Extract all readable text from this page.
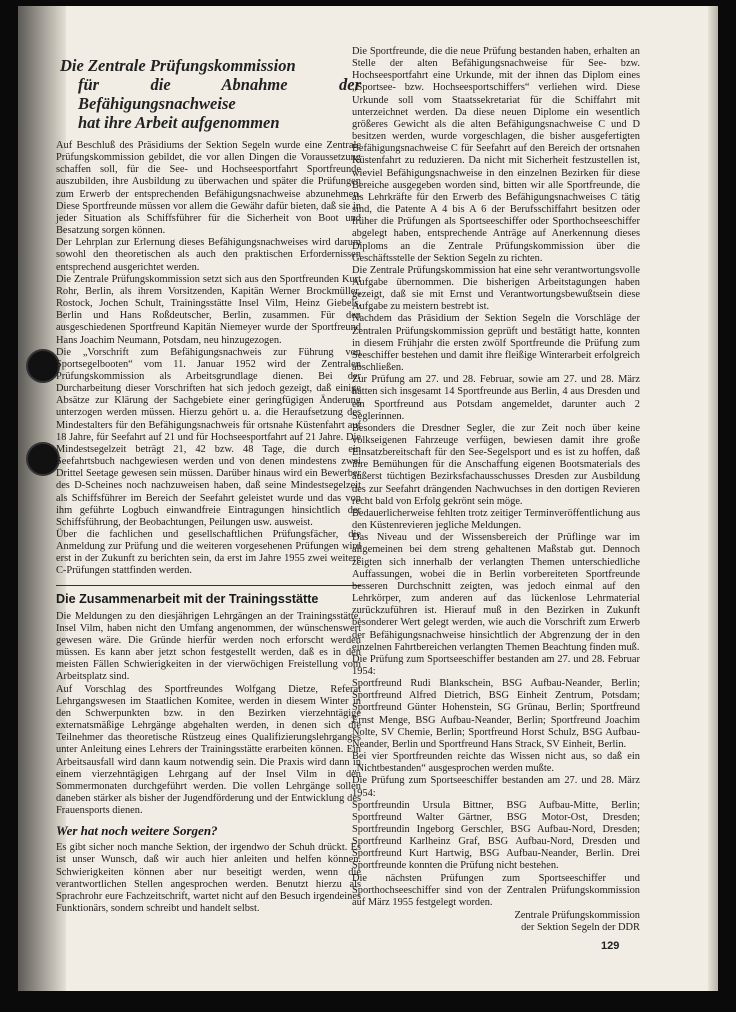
Die Zentrale Prüfungskommission
für die Abnahme der Befähigungsnachweise
hat ihre Arbeit aufgenommen

Auf Beschluß des Präsidiums der Sektion Segeln wurde eine Zentrale Prüfungskommission gebildet, die vor allen Dingen die Voraussetzung schaffen soll, für die See- und Hochseesportfahrt Sportfreunde auszubilden, ihre Ausbildung zu überwachen und später die Prüfungen zum Erwerb der entsprechenden Befähigungsnachweise abzunehmen. Diese Sportfreunde müssen vor allem die Gewähr dafür bieten, daß sie in jeder Situation als Schiffsführer für die Sicherheit von Boot und Besatzung sorgen können.

Der Lehrplan zur Erlernung dieses Befähigungsnachweises wird darum sowohl den theoretischen als auch den praktischen Erfordernissen entsprechend ausgerichtet werden.

Die Zentrale Prüfungskommission setzt sich aus den Sportfreunden Kurt Rohr, Berlin, als ihrem Vorsitzenden, Kapitän Werner Brockmüller, Rostock, Jochen Schult, Trainingsstätte Insel Vilm, Heinz Giebels, Berlin und Hans Roßdeutscher, Berlin, zusammen. Für den ausgeschiedenen Sportfreund Kapitän Niemeyer wurde der Sportfreund Hans Joachim Neumann, Potsdam, neu hinzugezogen.

Die „Vorschrift zum Befähigungsnachweis zur Führung von Sportsegelbooten“ vom 11. Januar 1952 wird der Zentralen Prüfungskommission als Arbeitsgrundlage dienen. Bei der Durcharbeitung dieser Vorschriften hat sich jedoch gezeigt, daß einige Absätze zur Klärung der Sachgebiete einer geringfügigen Änderung unterzogen werden müssen. Hierzu gehört u. a. die Heraufsetzung des Mindestalters für den Befähigungsnachweis für ortsnahe Küstenfahrt auf 18 Jahre, für Seefahrt auf 21 und für Hochseesportfahrt auf 21 Jahre. Die Mindestsegelzeit beträgt 21, 42 bzw. 48 Tage, die durch ein Seefahrtsbuch nachgewiesen werden und von denen mindestens zwei Drittel Seetage gewesen sein müssen. Darüber hinaus wird ein Bewerber des D-Scheines noch nachzuweisen haben, daß seine Mindestsegelzeit als Schiffsführer im Bereich der Seefahrt geleistet wurde und das von ihm geführte Logbuch einwandfreie Eintragungen hinsichtlich der Schiffsführung, der Beobachtungen, Peilungen usw. ausweist.

Über die fachlichen und gesellschaftlichen Prüfungsfächer, die Anmeldung zur Prüfung und die weiteren vorgesehenen Prüfungen wird erst in der Zukunft zu berichten sein, da erst im Jahre 1955 zwei weitere C-Prüfungen stattfinden werden.

Die Zusammenarbeit mit der Trainingsstätte

Die Meldungen zu den diesjährigen Lehrgängen an der Trainingsstätte, Insel Vilm, haben nicht den Umfang angenommen, der wünschenswert gewesen wäre. Die Gründe hierfür werden noch erforscht werden müssen. Es kann aber jetzt schon festgestellt werden, daß es in den meisten Fällen Schwierigkeiten in der vierwöchigen Freistellung vom Arbeitsplatz sind.

Auf Vorschlag des Sportfreundes Wolfgang Dietze, Referat Lehrgangswesen im Staatlichen Komitee, werden in diesem Winter in den Schwerpunkten bzw. in den Bezirken vierzehntägige externatsmäßige Lehrgänge abgehalten werden, in denen sich die Teilnehmer das theoretische Rüstzeug eines Qualifizierungslehrganges unter Anleitung eines Lehrers der Trainingsstätte erarbeiten können. Ein Arbeitsausfall wird dann kaum notwendig sein. Die Praxis wird dann in einem vierzehntägigen Lehrgang auf der Insel Vilm in den Sommermonaten durchgeführt werden. Die vollen Lehrgänge sollen daneben stärker als bisher der Jugendförderung und der Entwicklung des Frauensports dienen.

Wer hat noch weitere Sorgen?

Es gibt sicher noch manche Sektion, der irgendwo der Schuh drückt. Es ist unser Wunsch, daß wir auch hier anleiten und helfen können. Schwierigkeiten können aber nur beseitigt werden, wenn die verantwortlichen Stellen angesprochen werden. Benutzt hierzu als Sprachrohr eure Fachzeitschrift, wartet nicht auf den Besuch irgendeines Funktionärs, sondern schreibt und handelt selbst.

Die Sportfreunde, die die neue Prüfung bestanden haben, erhalten an Stelle der alten Befähigungsnachweise für See- bzw. Hochseesportfahrt eine Urkunde, mit der ihnen das Diplom eines „Sportsee- bzw. Hochseesportschiffers“ verliehen wird. Diese Urkunde soll vom Staatssekretariat für die Schiffahrt mit unterzeichnet werden. Da diese neuen Diplome ein wesentlich größeres Gewicht als die alten Befähigungsnachweise C und D besitzen werden, wurde vorgeschlagen, die bisher ausgefertigten Befähigungsnachweise C für Seefahrt auf den Bereich der ortsnahen Küstenfahrt zu reduzieren. Da nicht mit Sicherheit festzustellen ist, wieviel Befähigungsnachweise in den einzelnen Bezirken für diese Bereiche ausgegeben worden sind, bitten wir alle Sportfreunde, die als Lehrkräfte für den Erwerb des Befähigungsnachweises C tätig sind, die Patente A 4 bis A 6 der Berufsschiffahrt besitzen oder früher die Prüfungen als Sportseeschiffer oder Sporthochseeschiffer abgelegt haben, entsprechende Anträge auf Anerkennung dieses Diploms an die Zentrale Prüfungskommission über die Geschäftsstelle der Sektion Segeln zu richten.

Die Zentrale Prüfungskommission hat eine sehr verantwortungsvolle Aufgabe übernommen. Die bisherigen Arbeitstagungen haben gezeigt, daß sie mit Ernst und Verantwortungsbewußtsein diese Aufgabe zu meistern bestrebt ist.

Nachdem das Präsidium der Sektion Segeln die Vorschläge der Zentralen Prüfungskommission geprüft und bestätigt hatte, konnten in diesem Frühjahr die ersten zwölf Sportfreunde die Prüfung zum Seeschiffer bestehen und damit ihre fleißige Winterarbeit erfolgreich abschließen.

Zur Prüfung am 27. und 28. Februar, sowie am 27. und 28. März hatten sich insgesamt 14 Sportfreunde aus Berlin, 4 aus Dresden und ein Sportfreund aus Potsdam angemeldet, darunter auch 2 Seglerinnen.

Besonders die Dresdner Segler, die zur Zeit noch über keine volkseigenen Fahrzeuge verfügen, bewiesen damit ihre große Einsatzbereitschaft für den See-Segelsport und es ist zu hoffen, daß ihre Bemühungen für die Anschaffung eigenen Bootsmaterials des äußerst tüchtigen Bezirksfachausschusses Dresden zur Ausbildung des zur Seefahrt drängenden Nachwuchses in den dortigen Revieren recht bald von Erfolg gekrönt sein möge.

Bedauerlicherweise fehlten trotz zeitiger Terminveröffentlichung aus den Küstenrevieren jegliche Meldungen.

Das Niveau und der Wissensbereich der Prüflinge war im allgemeinen bei dem streng gehaltenen Maßstab gut. Dennoch zeigten sich innerhalb der verlangten Themen unterschiedliche Auffassungen, wobei die in Berlin vorbereiteten Sportfreunde besseren Durchschnitt zeigten, was jedoch einmal auf den Lehrkörper, zum anderen auf das lückenlose Lehrmaterial zurückzuführen ist. Hierauf muß in den Bezirken in Zukunft besonderer Wert gelegt werden, wie auch die Vorschrift zum Erwerb der Befähigungsnachweise hinsichtlich der Abgrenzung der in den einzelnen Fahrtbereichen verlangten Themen Beachtung finden muß.

Die Prüfung zum Sportseeschiffer bestanden am 27. und 28. Februar 1954:

Sportfreund Rudi Blankschein, BSG Aufbau-Neander, Berlin; Sportfreund Alfred Dietrich, BSG Einheit Zentrum, Potsdam; Sportfreund Günter Hohenstein, SG Grünau, Berlin; Sportfreund Ernst Menge, BSG Aufbau-Neander, Berlin; Sportfreund Joachim Nolte, SV Chemie, Berlin; Sportfreund Horst Schulz, BSG Aufbau-Neander, Berlin und Sportfreund Hans Strack, SV Einheit, Berlin.

Bei vier Sportfreunden reichte das Wissen nicht aus, so daß ein „Nichtbestanden“ ausgesprochen werden mußte.

Die Prüfung zum Sportseeschiffer bestanden am 27. und 28. März 1954:

Sportfreundin Ursula Bittner, BSG Aufbau-Mitte, Berlin; Sportfreund Walter Gärtner, BSG Motor-Ost, Dresden; Sportfreundin Ingeborg Gerschler, BSG Aufbau-Nord, Dresden; Sportfreund Karlheinz Graf, BSG Aufbau-Nord, Dresden und Sportfreund Kurt Hartwig, BSG Aufbau-Neander, Berlin. Drei Sportfreunde konnten die Prüfung nicht bestehen.

Die nächsten Prüfungen zum Sportseeschiffer und Sporthochseeschiffer sind von der Zentralen Prüfungskommission auf März 1955 festgelegt worden.

Zentrale Prüfungskommission
der Sektion Segeln der DDR
129
